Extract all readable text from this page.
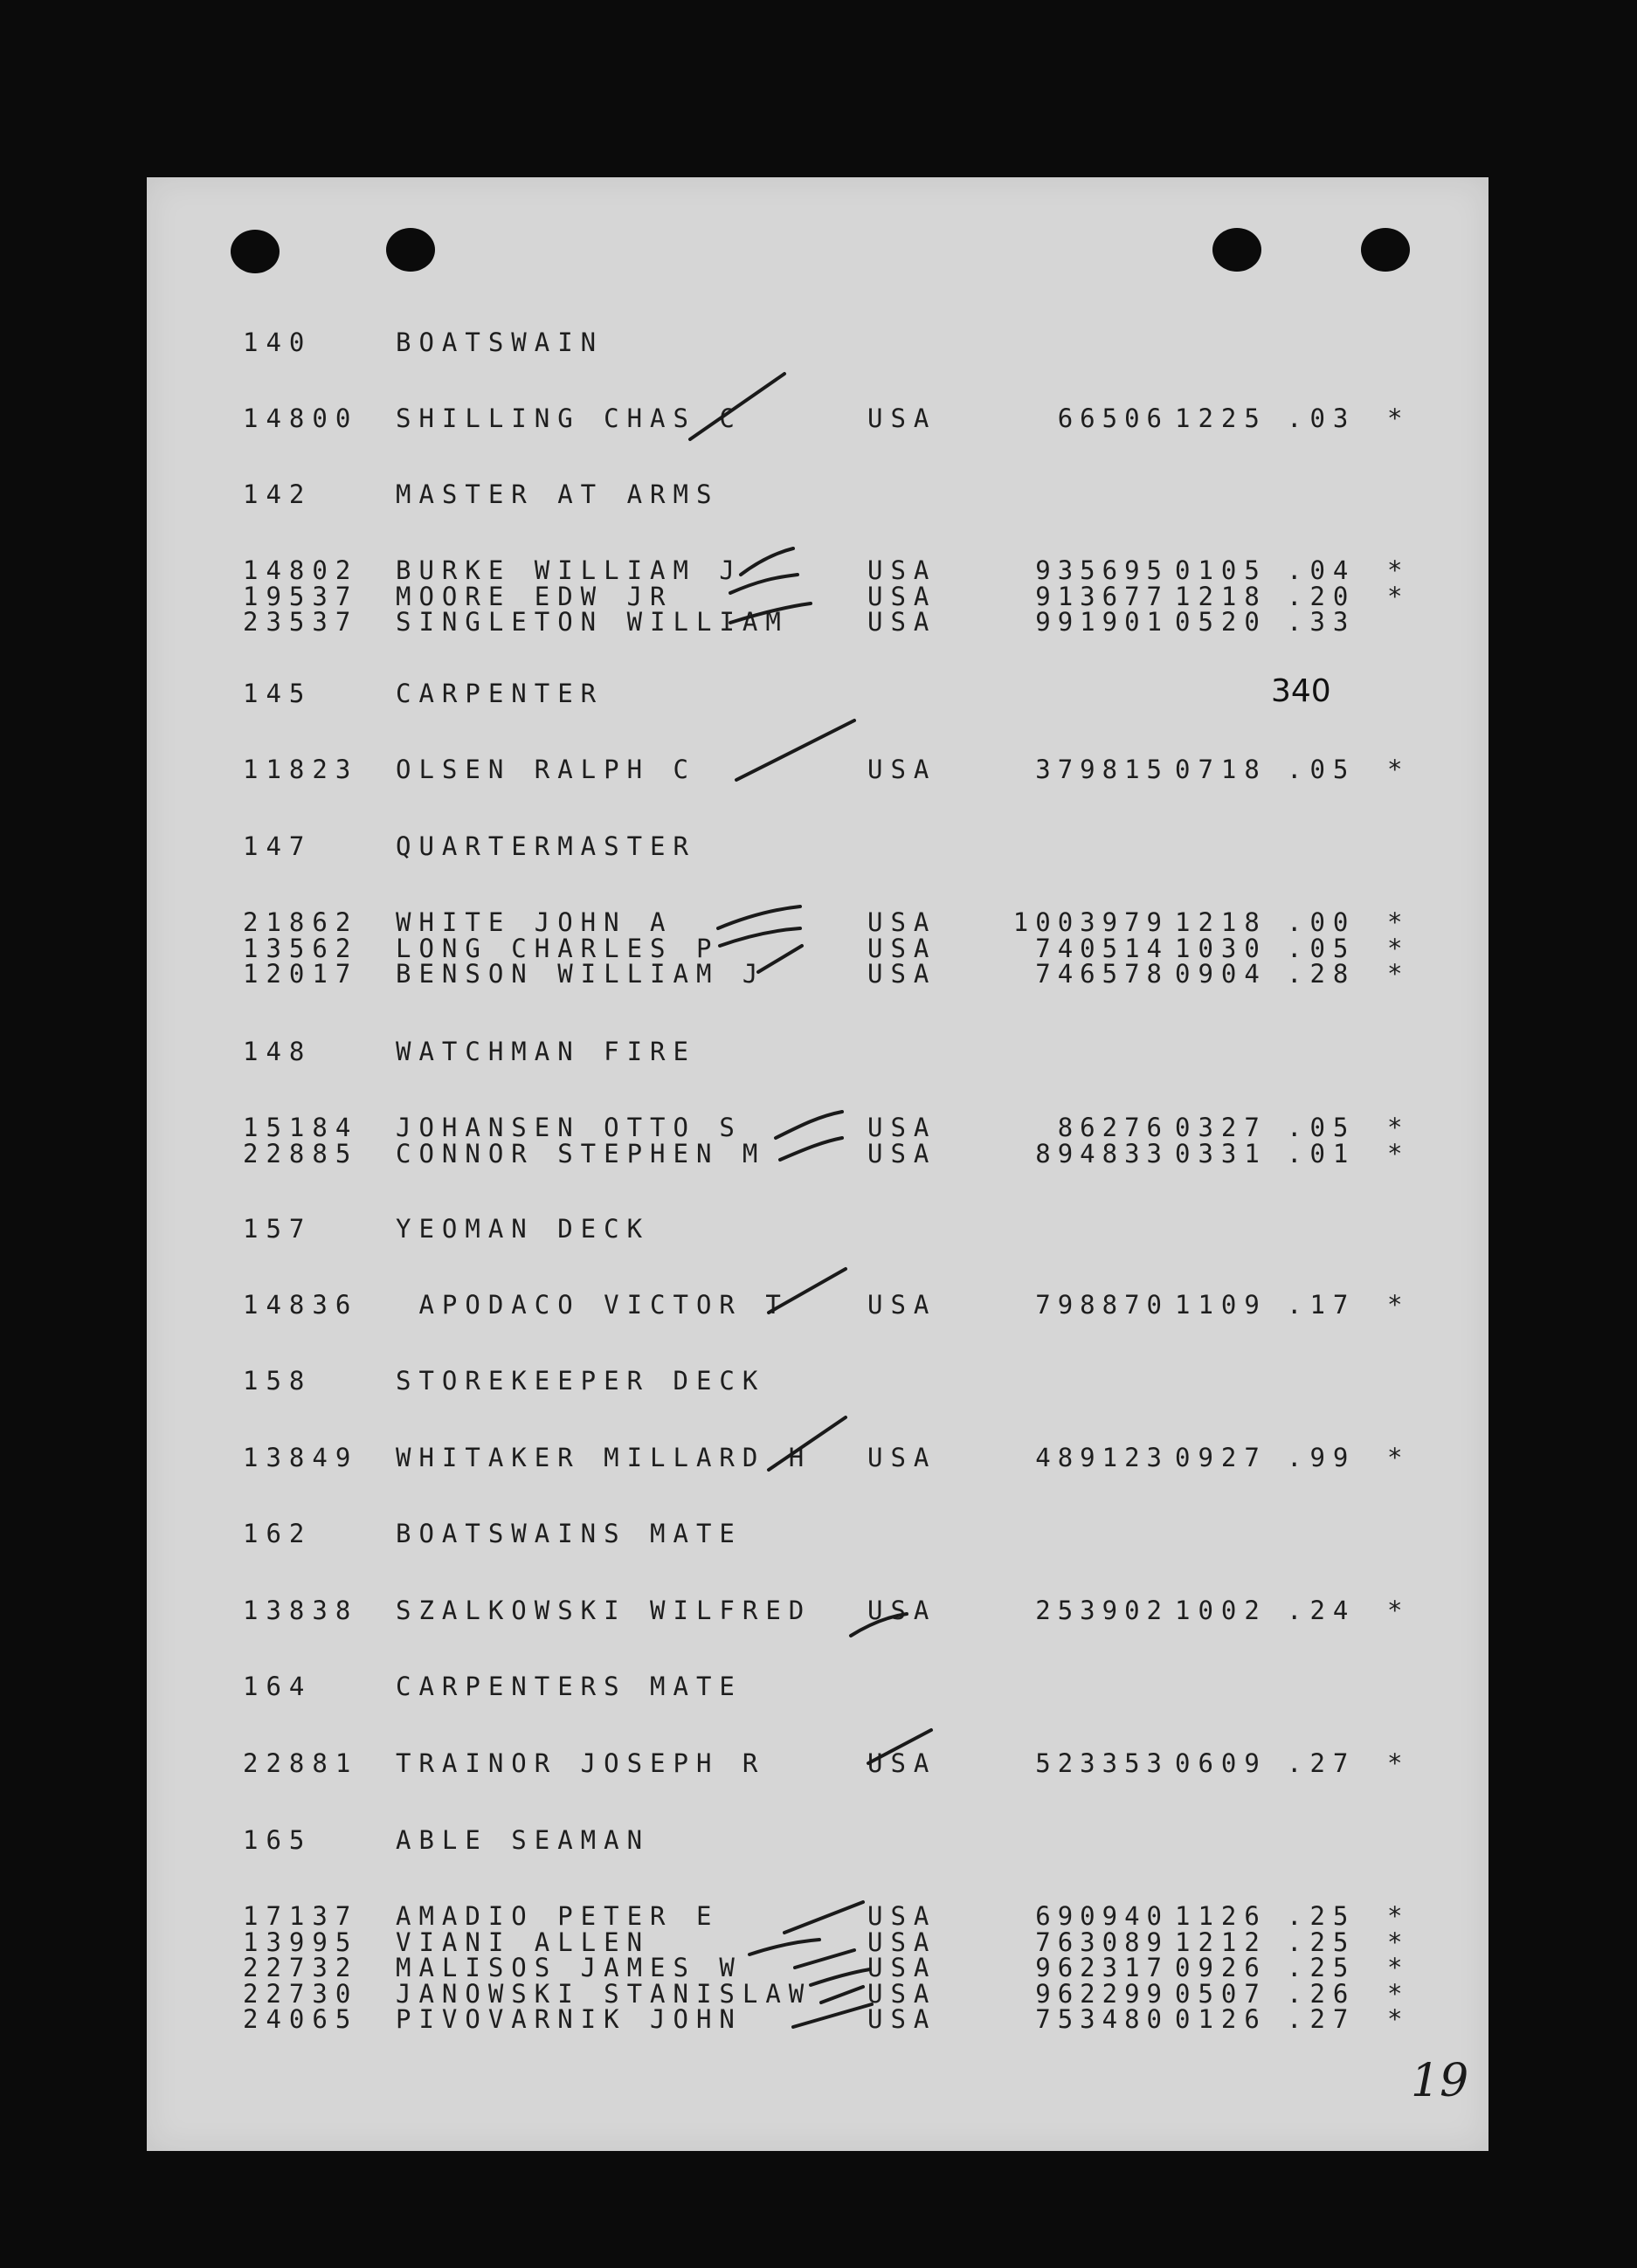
140	BOATSWAIN
14800 SHILLING CHAS C	USA	66506 1225 .03 *
142	MASTER AT ARMS
14802 BURKE WILLIAM J	USA	935695 0105 .04 *
19537 MOORE EDW JR	USA	913677 1218 .20 *
23537 SINGLETON WILLIAM	USA	991901 0520 .33
145	CARPENTER
11823 OLSEN RALPH C	USA	379815 0718 .05 *
147	QUARTERMASTER
21862 WHITE JOHN A	USA	1003979 1218 .00 *
13562 LONG CHARLES P	USA	740514 1030 .05 *
12017 BENSON WILLIAM J	USA	746578 0904 .28 *
148	WATCHMAN FIRE
15184 JOHANSEN OTTO S	USA	86276 0327 .05 *
22885 CONNOR STEPHEN M	USA	894833 0331 .01 *
157	YEOMAN DECK
14836 APODACO VICTOR T	USA	798870 1109 .17 *
158	STOREKEEPER DECK
13849 WHITAKER MILLARD H USA	489123 0927 .99 *
162	BOATSWAINS MATE
13838 SZALKOWSKI WILFRED USA	253902 1002 .24 *
164	CARPENTERS MATE
22881 TRAINOR JOSEPH R	USA	523353 0609 .27 *
165	ABLE SEAMAN
17137 AMADIO PETER E	USA	690940 1126 .25 *
13995 VIANI ALLEN	USA	763089 1212 .25 *
22732 MALISOS JAMES W	USA	962317 0926 .25 *
22730 JANOWSKI STANISLAW USA	962299 0507 .26 *
24065 PIVOVARNIK JOHN	USA	753480 0126 .27 *
340
19
